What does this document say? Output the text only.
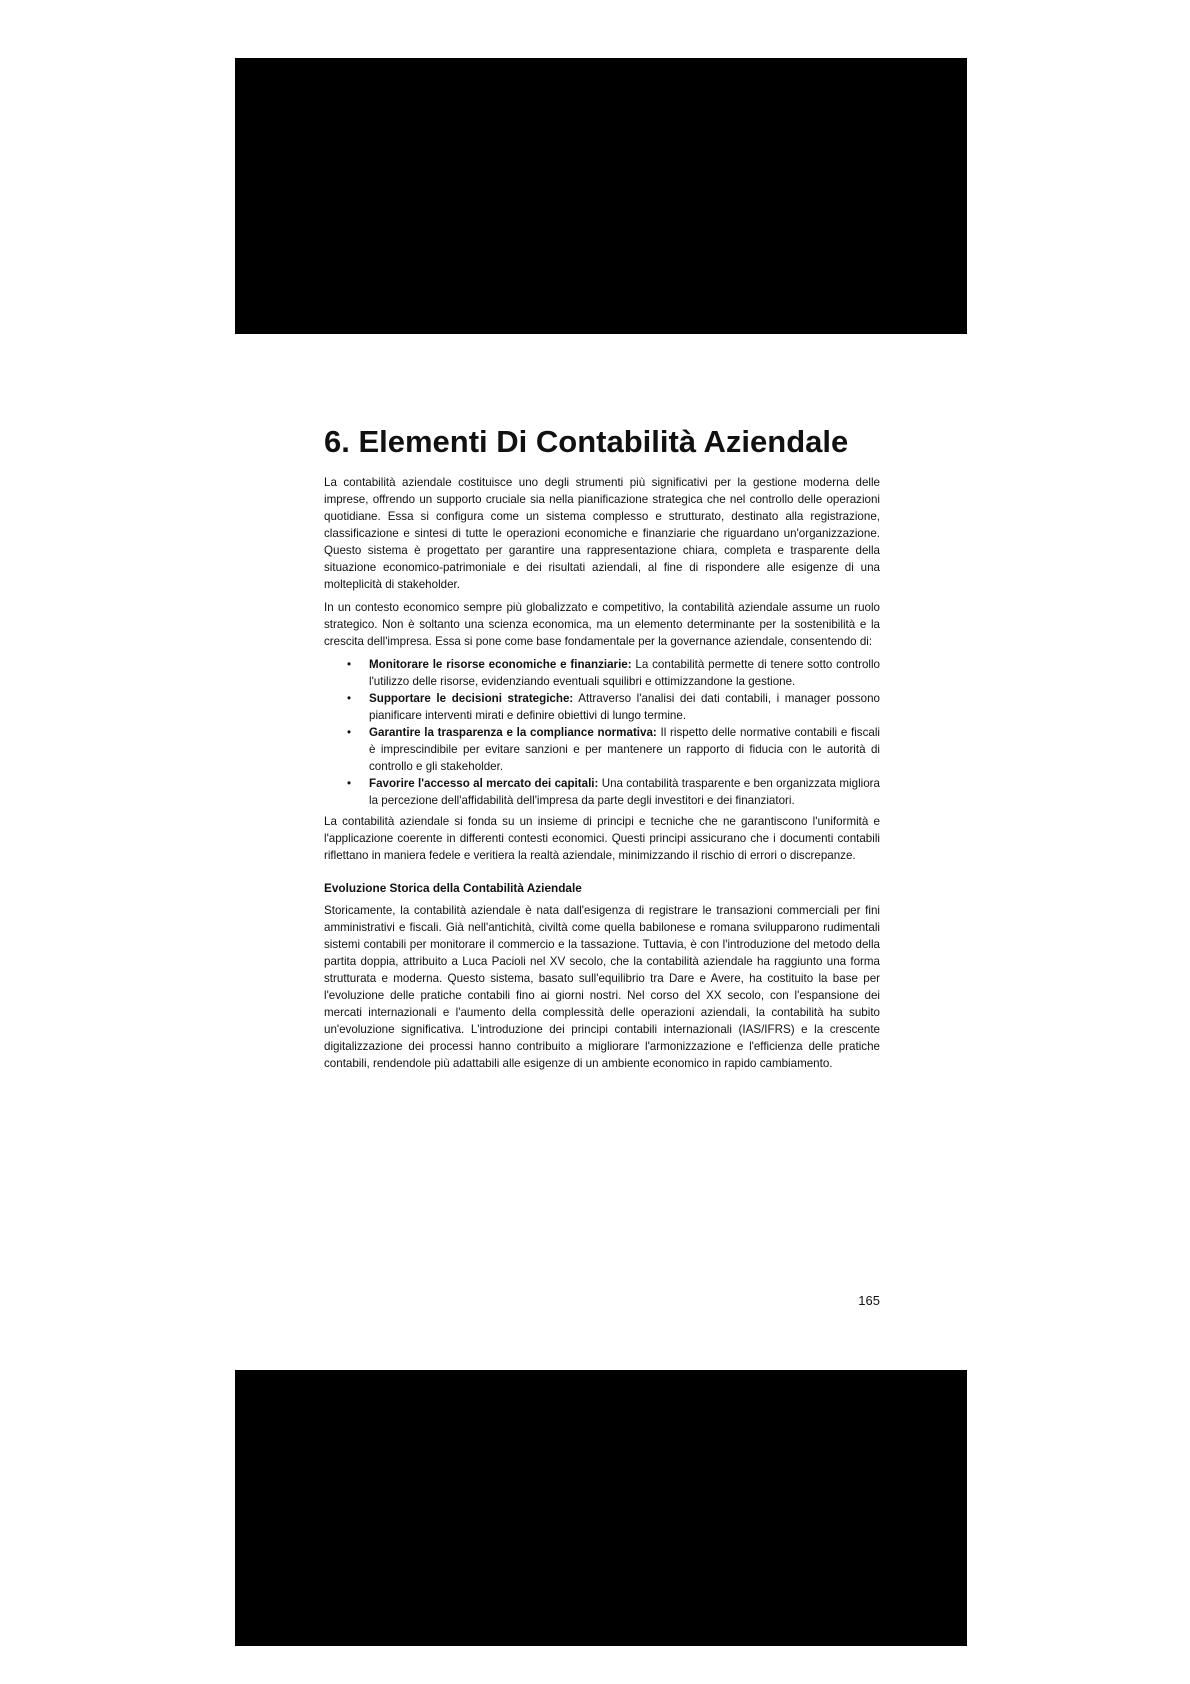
6. Elementi Di Contabilità Aziendale

La contabilità aziendale costituisce uno degli strumenti più significativi per la gestione moderna delle imprese, offrendo un supporto cruciale sia nella pianificazione strategica che nel controllo delle operazioni quotidiane. Essa si configura come un sistema complesso e strutturato, destinato alla registrazione, classificazione e sintesi di tutte le operazioni economiche e finanziarie che riguardano un'organizzazione. Questo sistema è progettato per garantire una rappresentazione chiara, completa e trasparente della situazione economico-patrimoniale e dei risultati aziendali, al fine di rispondere alle esigenze di una molteplicità di stakeholder.

In un contesto economico sempre più globalizzato e competitivo, la contabilità aziendale assume un ruolo strategico. Non è soltanto una scienza economica, ma un elemento determinante per la sostenibilità e la crescita dell'impresa. Essa si pone come base fondamentale per la governance aziendale, consentendo di:

• Monitorare le risorse economiche e finanziarie: La contabilità permette di tenere sotto controllo l'utilizzo delle risorse, evidenziando eventuali squilibri e ottimizzandone la gestione.
• Supportare le decisioni strategiche: Attraverso l'analisi dei dati contabili, i manager possono pianificare interventi mirati e definire obiettivi di lungo termine.
• Garantire la trasparenza e la compliance normativa: Il rispetto delle normative contabili e fiscali è imprescindibile per evitare sanzioni e per mantenere un rapporto di fiducia con le autorità di controllo e gli stakeholder.
• Favorire l'accesso al mercato dei capitali: Una contabilità trasparente e ben organizzata migliora la percezione dell'affidabilità dell'impresa da parte degli investitori e dei finanziatori.

La contabilità aziendale si fonda su un insieme di principi e tecniche che ne garantiscono l'uniformità e l'applicazione coerente in differenti contesti economici. Questi principi assicurano che i documenti contabili riflettano in maniera fedele e veritiera la realtà aziendale, minimizzando il rischio di errori o discrepanze.

Evoluzione Storica della Contabilità Aziendale

Storicamente, la contabilità aziendale è nata dall'esigenza di registrare le transazioni commerciali per fini amministrativi e fiscali. Già nell'antichità, civiltà come quella babilonese e romana svilupparono rudimentali sistemi contabili per monitorare il commercio e la tassazione. Tuttavia, è con l'introduzione del metodo della partita doppia, attribuito a Luca Pacioli nel XV secolo, che la contabilità aziendale ha raggiunto una forma strutturata e moderna. Questo sistema, basato sull'equilibrio tra Dare e Avere, ha costituito la base per l'evoluzione delle pratiche contabili fino ai giorni nostri. Nel corso del XX secolo, con l'espansione dei mercati internazionali e l'aumento della complessità delle operazioni aziendali, la contabilità ha subito un'evoluzione significativa. L'introduzione dei principi contabili internazionali (IAS/IFRS) e la crescente digitalizzazione dei processi hanno contribuito a migliorare l'armonizzazione e l'efficienza delle pratiche contabili, rendendole più adattabili alle esigenze di un ambiente economico in rapido cambiamento.

165
